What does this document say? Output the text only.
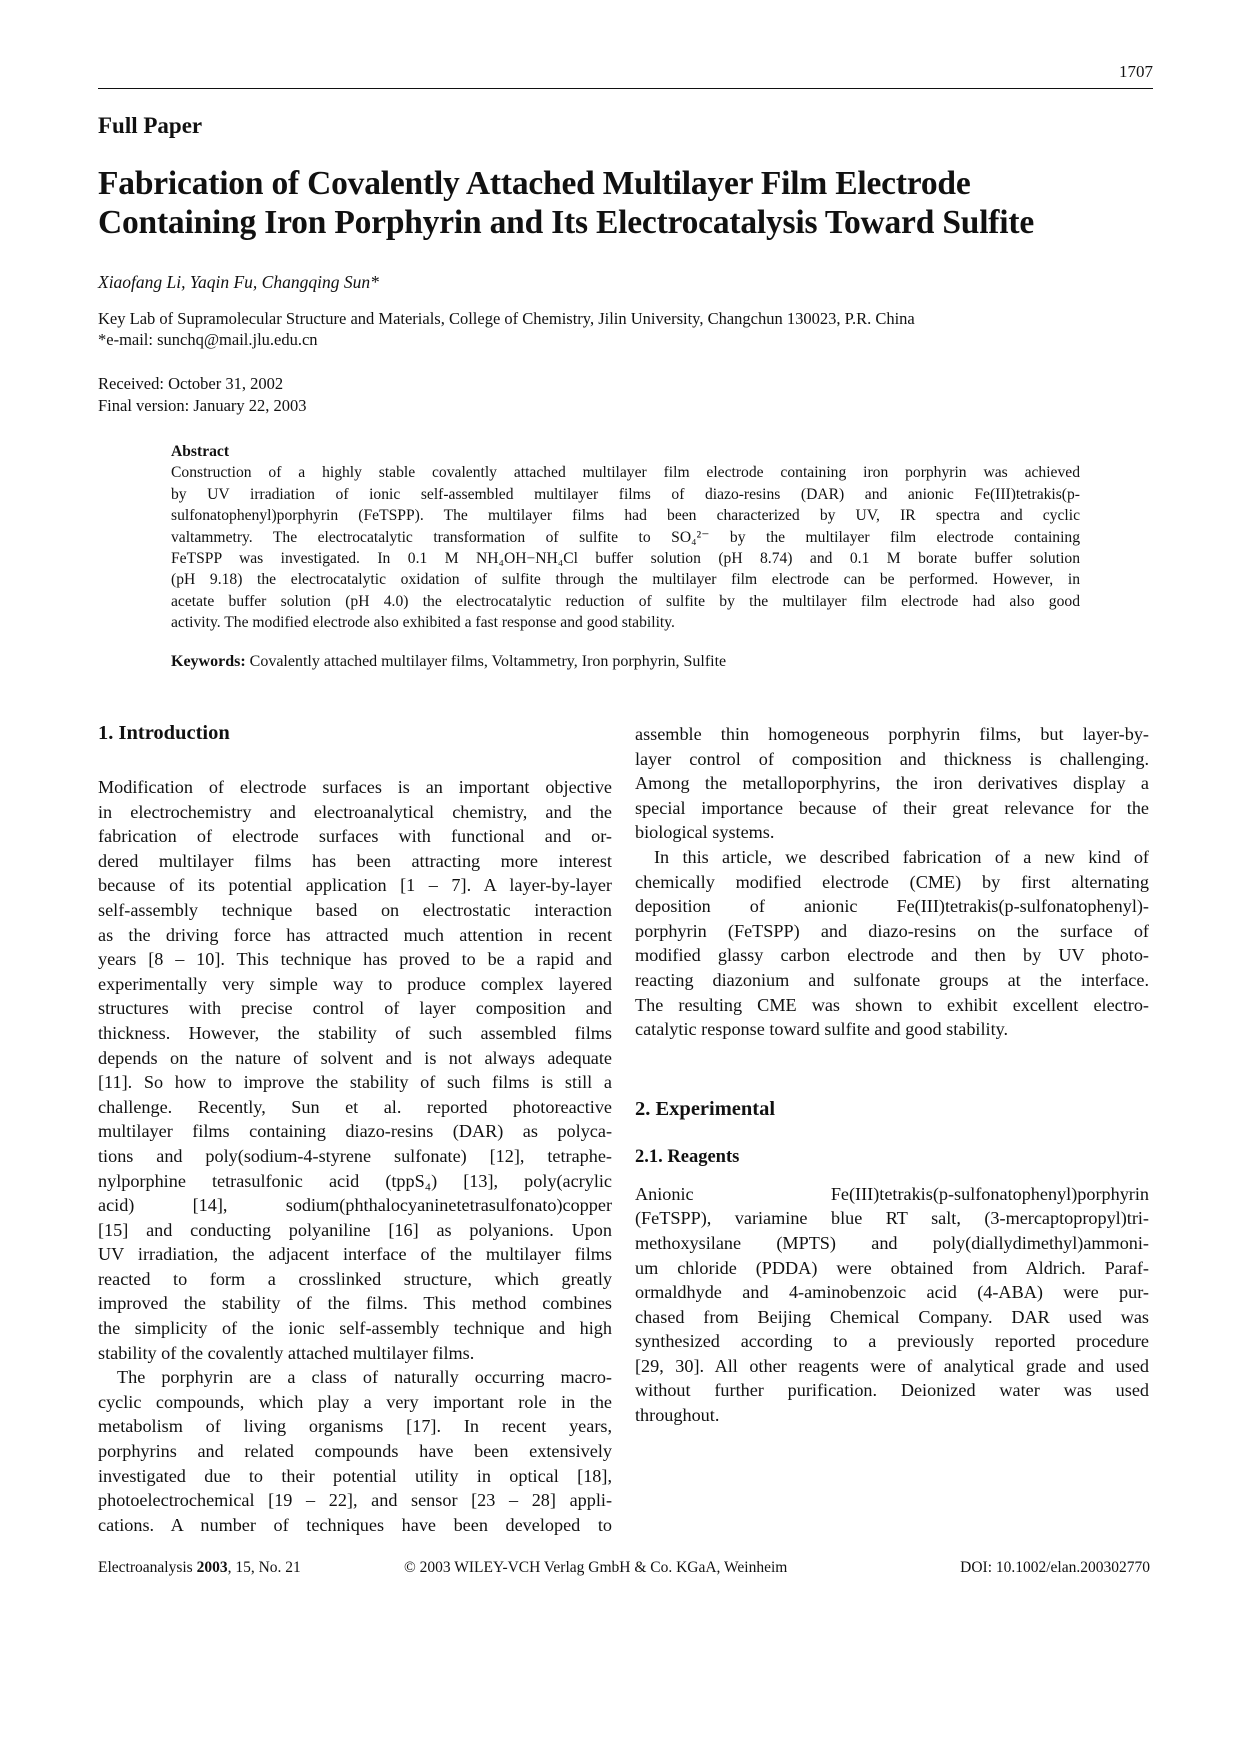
1707
Full Paper
Fabrication of Covalently Attached Multilayer Film Electrode
Containing Iron Porphyrin and Its Electrocatalysis Toward Sulfite
Xiaofang Li, Yaqin Fu, Changqing Sun*
Key Lab of Supramolecular Structure and Materials, College of Chemistry, Jilin University, Changchun 130023, P.R. China
*e-mail: sunchq@mail.jlu.edu.cn
Received: October 31, 2002
Final version: January 22, 2003
Abstract
Construction of a highly stable covalently attached multilayer film electrode containing iron porphyrin was achieved
by UV irradiation of ionic self-assembled multilayer films of diazo-resins (DAR) and anionic Fe(III)tetrakis(p-
sulfonatophenyl)porphyrin (FeTSPP). The multilayer films had been characterized by UV, IR spectra and cyclic
valtammetry. The electrocatalytic transformation of sulfite to SO₄²⁻ by the multilayer film electrode containing
FeTSPP was investigated. In 0.1 M NH₄OH−NH₄Cl buffer solution (pH 8.74) and 0.1 M borate buffer solution
(pH 9.18) the electrocatalytic oxidation of sulfite through the multilayer film electrode can be performed. However, in
acetate buffer solution (pH 4.0) the electrocatalytic reduction of sulfite by the multilayer film electrode had also good
activity. The modified electrode also exhibited a fast response and good stability.
Keywords: Covalently attached multilayer films, Voltammetry, Iron porphyrin, Sulfite
1. Introduction
Modification of electrode surfaces is an important objective
in electrochemistry and electroanalytical chemistry, and the
fabrication of electrode surfaces with functional and or-
dered multilayer films has been attracting more interest
because of its potential application [1 – 7]. A layer-by-layer
self-assembly technique based on electrostatic interaction
as the driving force has attracted much attention in recent
years [8 – 10]. This technique has proved to be a rapid and
experimentally very simple way to produce complex layered
structures with precise control of layer composition and
thickness. However, the stability of such assembled films
depends on the nature of solvent and is not always adequate
[11]. So how to improve the stability of such films is still a
challenge. Recently, Sun et al. reported photoreactive
multilayer films containing diazo-resins (DAR) as polyca-
tions and poly(sodium-4-styrene sulfonate) [12], tetraphe-
nylporphine tetrasulfonic acid (tppS₄) [13], poly(acrylic
acid) [14], sodium(phthalocyaninetetrasulfonato)copper
[15] and conducting polyaniline [16] as polyanions. Upon
UV irradiation, the adjacent interface of the multilayer films
reacted to form a crosslinked structure, which greatly
improved the stability of the films. This method combines
the simplicity of the ionic self-assembly technique and high
stability of the covalently attached multilayer films.
The porphyrin are a class of naturally occurring macro-
cyclic compounds, which play a very important role in the
metabolism of living organisms [17]. In recent years,
porphyrins and related compounds have been extensively
investigated due to their potential utility in optical [18],
photoelectrochemical [19 – 22], and sensor [23 – 28] appli-
cations. A number of techniques have been developed to
assemble thin homogeneous porphyrin films, but layer-by-
layer control of composition and thickness is challenging.
Among the metalloporphyrins, the iron derivatives display a
special importance because of their great relevance for the
biological systems.
In this article, we described fabrication of a new kind of
chemically modified electrode (CME) by first alternating
deposition of anionic Fe(III)tetrakis(p-sulfonatophenyl)-
porphyrin (FeTSPP) and diazo-resins on the surface of
modified glassy carbon electrode and then by UV photo-
reacting diazonium and sulfonate groups at the interface.
The resulting CME was shown to exhibit excellent electro-
catalytic response toward sulfite and good stability.
2. Experimental
2.1. Reagents
Anionic Fe(III)tetrakis(p-sulfonatophenyl)porphyrin
(FeTSPP), variamine blue RT salt, (3-mercaptopropyl)tri-
methoxysilane (MPTS) and poly(diallydimethyl)ammoni-
um chloride (PDDA) were obtained from Aldrich. Paraf-
ormaldhyde and 4-aminobenzoic acid (4-ABA) were pur-
chased from Beijing Chemical Company. DAR used was
synthesized according to a previously reported procedure
[29, 30]. All other reagents were of analytical grade and used
without further purification. Deionized water was used
throughout.
Electroanalysis 2003, 15, No. 21	© 2003 WILEY-VCH Verlag GmbH & Co. KGaA, Weinheim	DOI: 10.1002/elan.200302770
